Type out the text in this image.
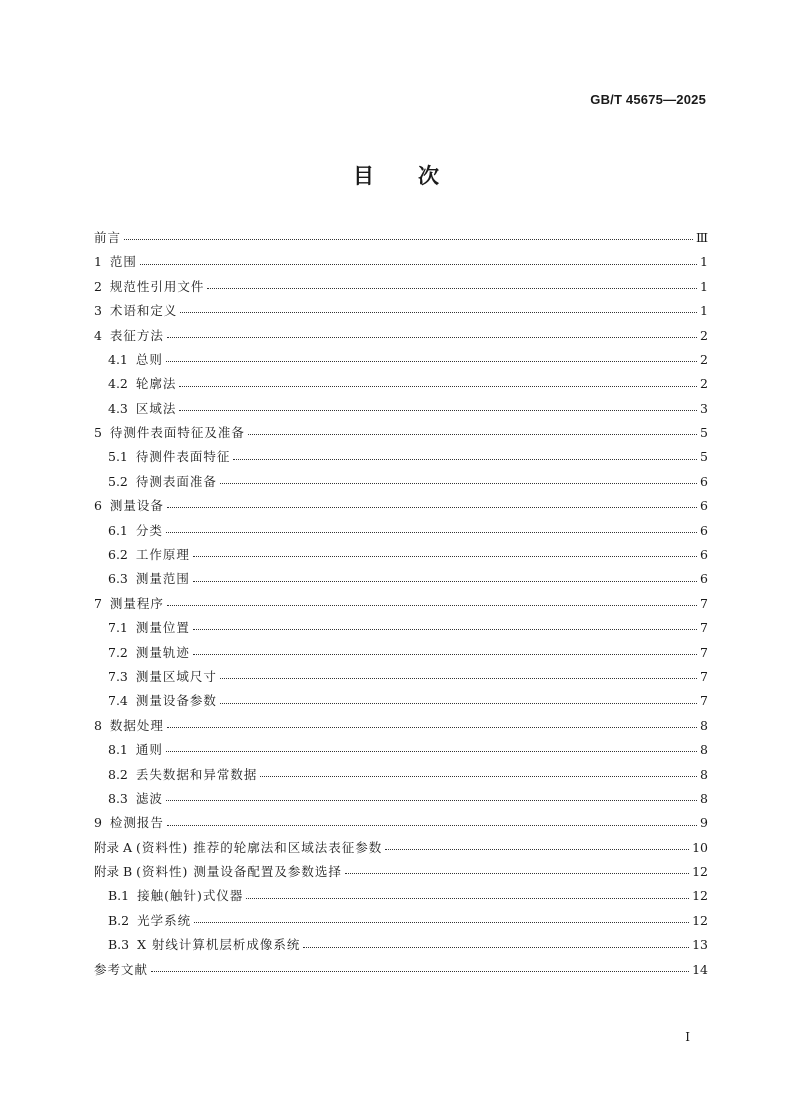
GB/T 45675—2025
目 次
前言	Ⅲ
1 范围	1
2 规范性引用文件	1
3 术语和定义	1
4 表征方法	2
4.1 总则	2
4.2 轮廓法	2
4.3 区域法	3
5 待测件表面特征及准备	5
5.1 待测件表面特征	5
5.2 待测表面准备	6
6 测量设备	6
6.1 分类	6
6.2 工作原理	6
6.3 测量范围	6
7 测量程序	7
7.1 测量位置	7
7.2 测量轨迹	7
7.3 测量区域尺寸	7
7.4 测量设备参数	7
8 数据处理	8
8.1 通则	8
8.2 丢失数据和异常数据	8
8.3 滤波	8
9 检测报告	9
附录 A (资料性) 推荐的轮廓法和区域法表征参数	10
附录 B (资料性) 测量设备配置及参数选择	12
B.1 接触(触针)式仪器	12
B.2 光学系统	12
B.3 X 射线计算机层析成像系统	13
参考文献	14
I
